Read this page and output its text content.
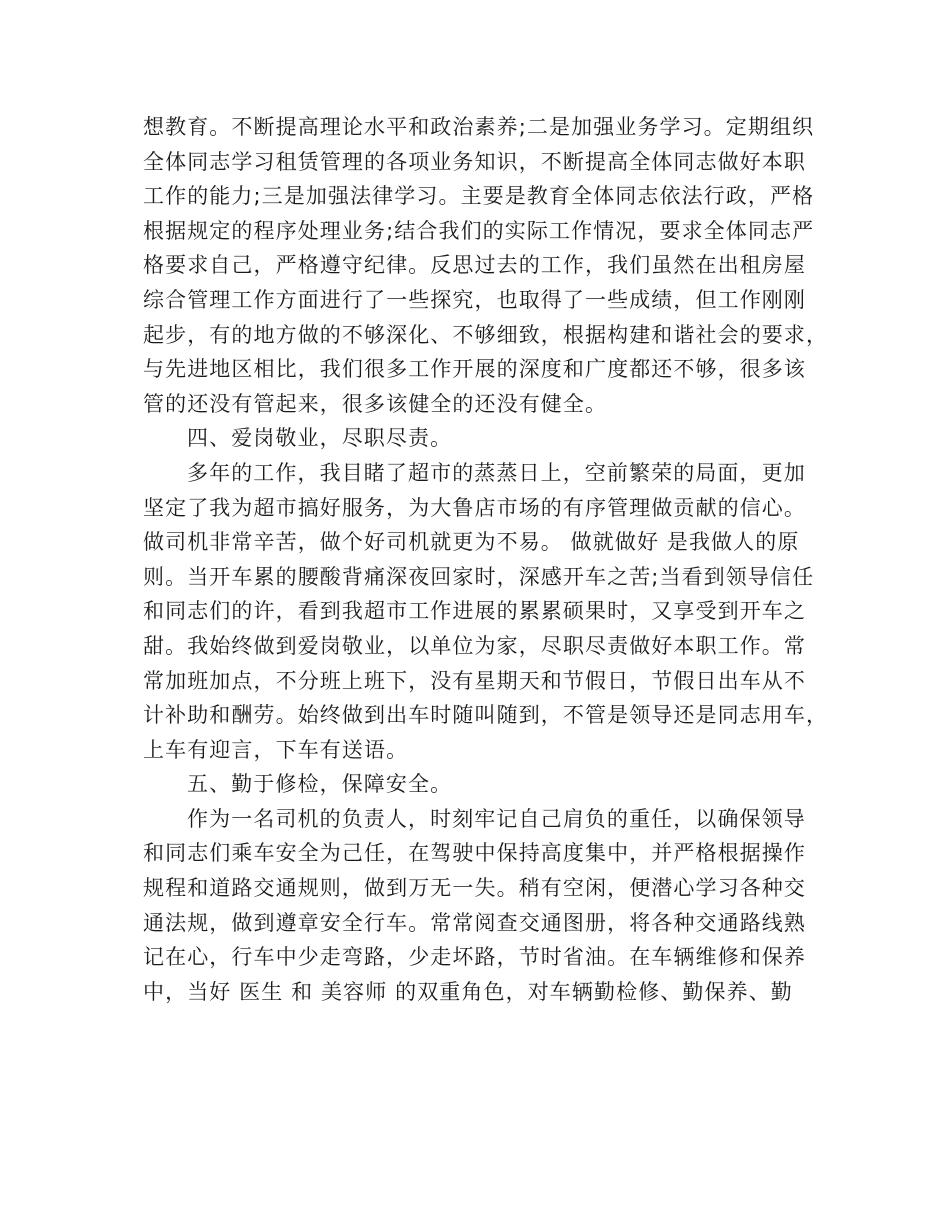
想教育。不断提高理论水平和政治素养;二是加强业务学习。定期组织
全体同志学习租赁管理的各项业务知识，不断提高全体同志做好本职
工作的能力;三是加强法律学习。主要是教育全体同志依法行政，严格
根据规定的程序处理业务;结合我们的实际工作情况，要求全体同志严
格要求自己，严格遵守纪律。反思过去的工作，我们虽然在出租房屋
综合管理工作方面进行了一些探究，也取得了一些成绩，但工作刚刚
起步，有的地方做的不够深化、不够细致，根据构建和谐社会的要求，
与先进地区相比，我们很多工作开展的深度和广度都还不够，很多该
管的还没有管起来，很多该健全的还没有健全。
四、爱岗敬业，尽职尽责。
多年的工作，我目睹了超市的蒸蒸日上，空前繁荣的局面，更加
坚定了我为超市搞好服务，为大鲁店市场的有序管理做贡献的信心。
做司机非常辛苦，做个好司机就更为不易。 做就做好 是我做人的原
则。当开车累的腰酸背痛深夜回家时，深感开车之苦;当看到领导信任
和同志们的许，看到我超市工作进展的累累硕果时，又享受到开车之
甜。我始终做到爱岗敬业，以单位为家，尽职尽责做好本职工作。常
常加班加点，不分班上班下，没有星期天和节假日，节假日出车从不
计补助和酬劳。始终做到出车时随叫随到，不管是领导还是同志用车，
上车有迎言，下车有送语。
五、勤于修检，保障安全。
作为一名司机的负责人，时刻牢记自己肩负的重任，以确保领导
和同志们乘车安全为己任，在驾驶中保持高度集中，并严格根据操作
规程和道路交通规则，做到万无一失。稍有空闲，便潜心学习各种交
通法规，做到遵章安全行车。常常阅查交通图册，将各种交通路线熟
记在心，行车中少走弯路，少走坏路，节时省油。在车辆维修和保养
中，当好 医生 和 美容师 的双重角色，对车辆勤检修、勤保养、勤
